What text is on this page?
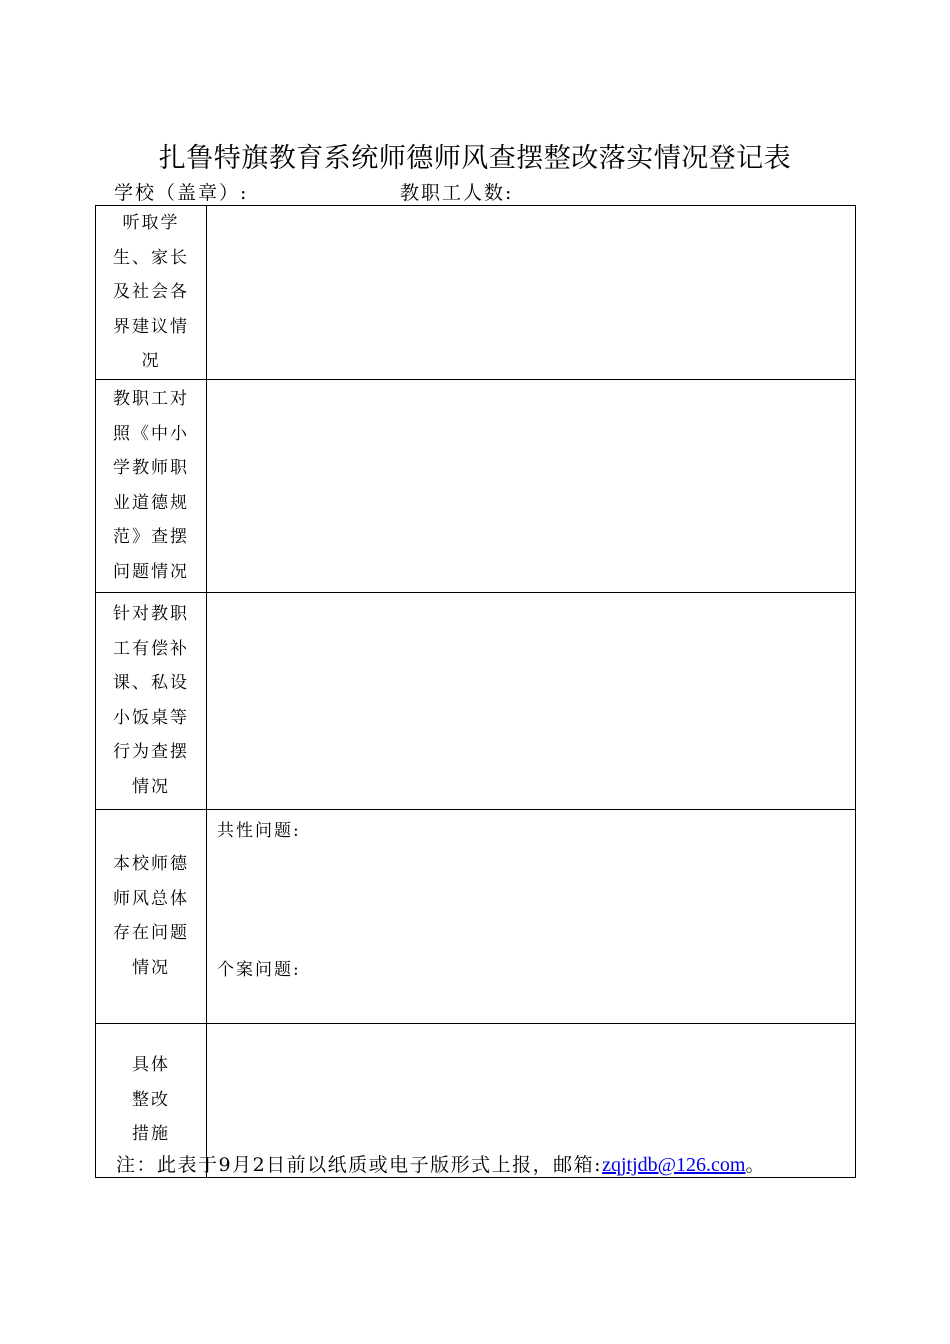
扎鲁特旗教育系统师德师风查摆整改落实情况登记表
学校（盖章）:	教职工人数:
听取学生、家长及社会各界建议情况	
教职工对照《中小学教师职业道德规范》查摆问题情况	
针对教职工有偿补课、私设小饭桌等行为查摆情况	
本校师德师风总体存在问题情况	共性问题:
个案问题:

具体整改措施	
注：此表于9月2日前以纸质或电子版形式上报，邮箱:zqjtjdb@126.com。
